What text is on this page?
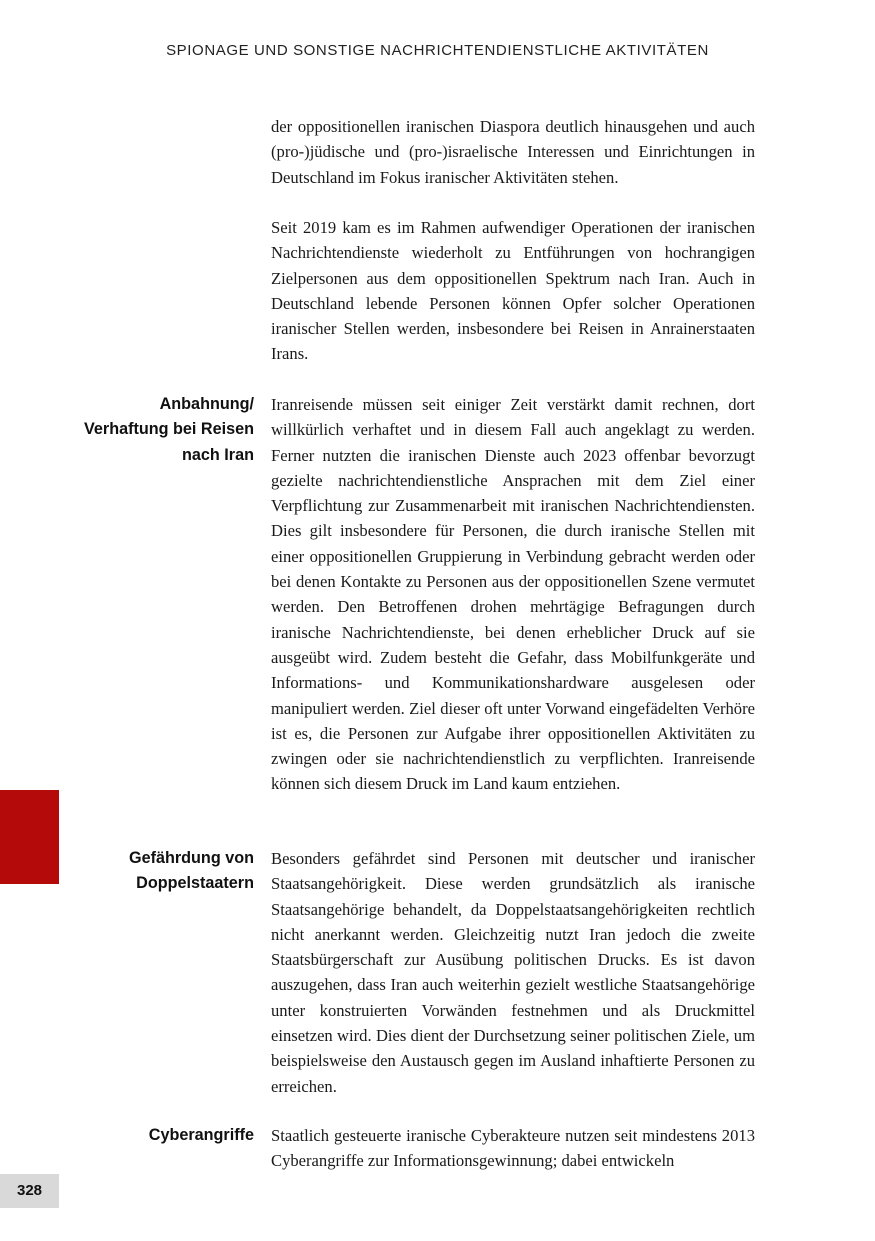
SPIONAGE UND SONSTIGE NACHRICHTENDIENSTLICHE AKTIVITÄTEN

der oppositionellen iranischen Diaspora deutlich hinausgehen und auch (pro-)jüdische und (pro-)israelische Interessen und Einrichtungen in Deutschland im Fokus iranischer Aktivitäten stehen.

Seit 2019 kam es im Rahmen aufwendiger Operationen der iranischen Nachrichtendienste wiederholt zu Entführungen von hochrangigen Zielpersonen aus dem oppositionellen Spektrum nach Iran. Auch in Deutschland lebende Personen können Opfer solcher Operationen iranischer Stellen werden, insbesondere bei Reisen in Anrainerstaaten Irans.

Anbahnung/
Verhaftung bei Reisen
nach Iran

Iranreisende müssen seit einiger Zeit verstärkt damit rechnen, dort willkürlich verhaftet und in diesem Fall auch angeklagt zu werden. Ferner nutzten die iranischen Dienste auch 2023 offenbar bevorzugt gezielte nachrichtendienstliche Ansprachen mit dem Ziel einer Verpflichtung zur Zusammenarbeit mit iranischen Nachrichtendiensten. Dies gilt insbesondere für Personen, die durch iranische Stellen mit einer oppositionellen Gruppierung in Verbindung gebracht werden oder bei denen Kontakte zu Personen aus der oppositionellen Szene vermutet werden. Den Betroffenen drohen mehrtägige Befragungen durch iranische Nachrichtendienste, bei denen erheblicher Druck auf sie ausgeübt wird. Zudem besteht die Gefahr, dass Mobilfunkgeräte und Informations- und Kommunikationshardware ausgelesen oder manipuliert werden. Ziel dieser oft unter Vorwand eingefädelten Verhöre ist es, die Personen zur Aufgabe ihrer oppositionellen Aktivitäten zu zwingen oder sie nachrichtendienstlich zu verpflichten. Iranreisende können sich diesem Druck im Land kaum entziehen.

Gefährdung von
Doppelstaatern

Besonders gefährdet sind Personen mit deutscher und iranischer Staatsangehörigkeit. Diese werden grundsätzlich als iranische Staatsangehörige behandelt, da Doppelstaatsangehörigkeiten rechtlich nicht anerkannt werden. Gleichzeitig nutzt Iran jedoch die zweite Staatsbürgerschaft zur Ausübung politischen Drucks. Es ist davon auszugehen, dass Iran auch weiterhin gezielt westliche Staatsangehörige unter konstruierten Vorwänden festnehmen und als Druckmittel einsetzen wird. Dies dient der Durchsetzung seiner politischen Ziele, um beispielsweise den Austausch gegen im Ausland inhaftierte Personen zu erreichen.

Cyberangriffe Staatlich gesteuerte iranische Cyberakteure nutzen seit mindestens 2013 Cyberangriffe zur Informationsgewinnung; dabei entwickeln

328
